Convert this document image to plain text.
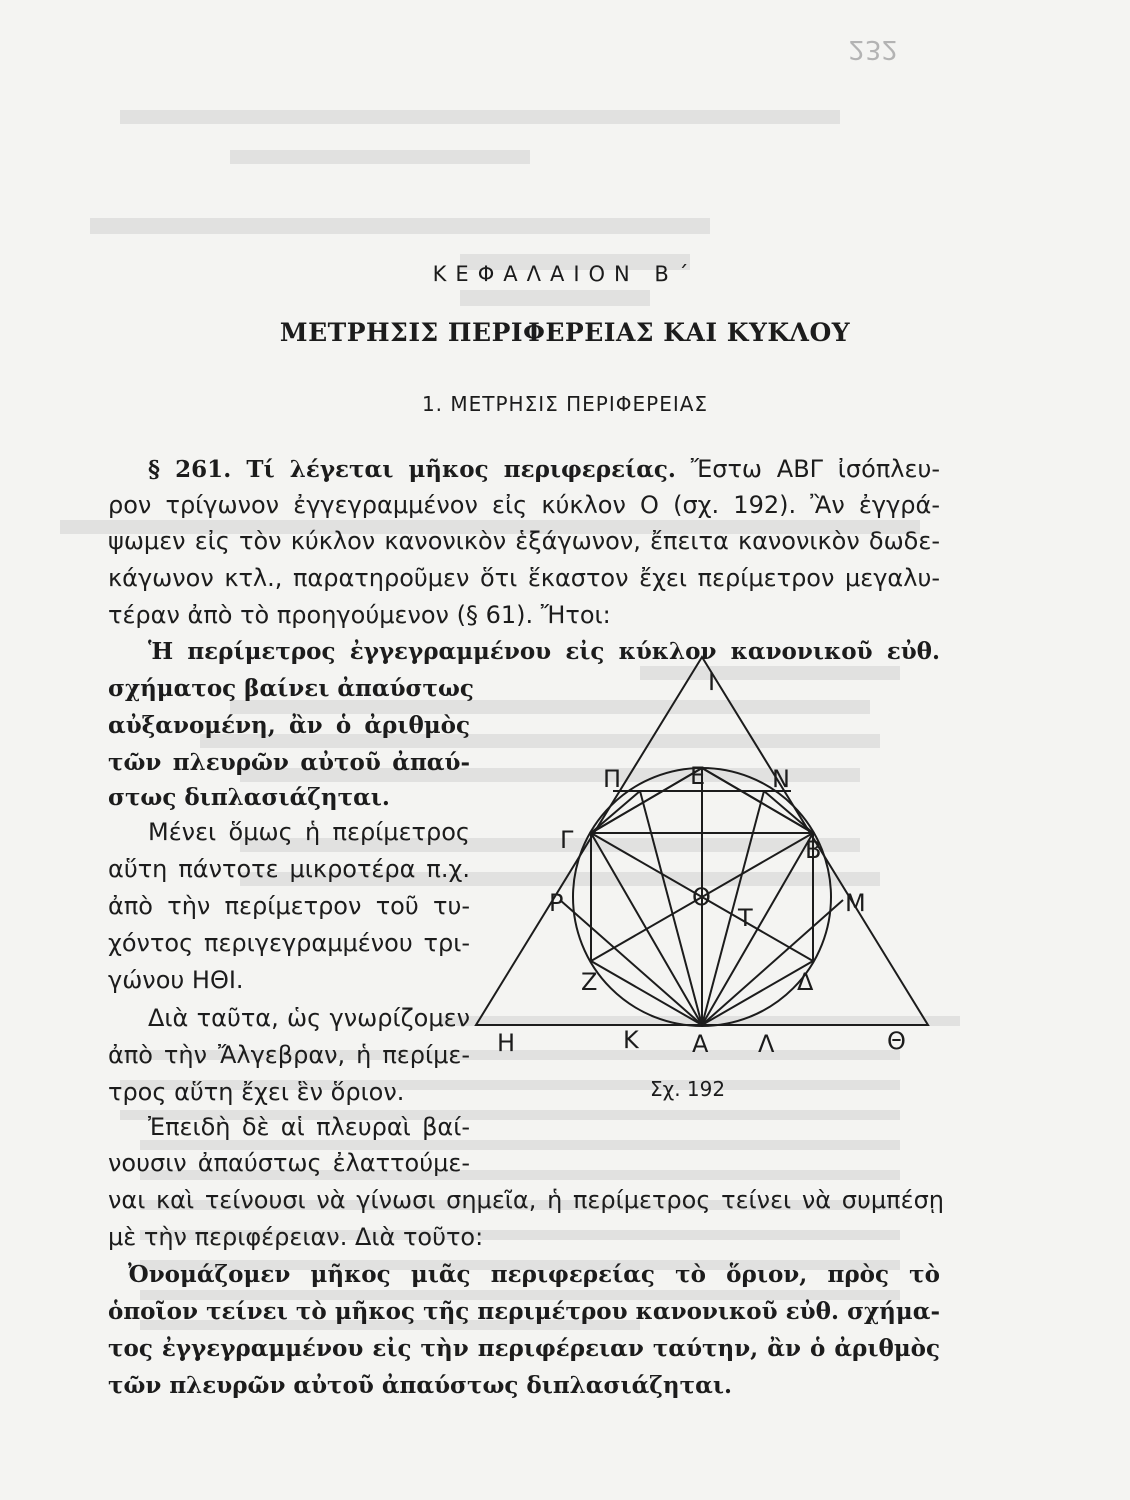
232
ΚΕΦΑΛΑΙΟΝ Β΄
ΜΕΤΡΗΣΙΣ ΠΕΡΙΦΕΡΕΙΑΣ ΚΑΙ ΚΥΚΛΟΥ
1. ΜΕΤΡΗΣΙΣ ΠΕΡΙΦΕΡΕΙΑΣ
§ 261. Τί λέγεται μῆκος περιφερείας. Ἔστω ΑΒΓ ἰσόπλευ-
ρον τρίγωνον ἐγγεγραμμένον εἰς κύκλον Ο (σχ. 192). Ἂν ἐγγρά-
ψωμεν εἰς τὸν κύκλον κανονικὸν ἑξάγωνον, ἔπειτα κανονικὸν δωδε-
κάγωνον κτλ., παρατηροῦμεν ὅτι ἕκαστον ἔχει περίμετρον μεγαλυ-
τέραν ἀπὸ τὸ προηγούμενον (§ 61). Ἤτοι:
Ἡ περίμετρος ἐγγεγραμμένου εἰς κύκλον κανονικοῦ εὐθ.
σχήματος βαίνει ἀπαύστως
αὐξανομένη, ἂν ὁ ἀριθμὸς
τῶν πλευρῶν αὐτοῦ ἀπαύ-
στως διπλασιάζηται.
Μένει ὅμως ἡ περίμετρος
αὕτη πάντοτε μικροτέρα π.χ.
ἀπὸ τὴν περίμετρον τοῦ τυ-
χόντος περιγεγραμμένου τρι-
γώνου ΗΘΙ.
Διὰ ταῦτα, ὡς γνωρίζομεν
ἀπὸ τὴν Ἄλγεβραν, ἡ περίμε-
τρος αὕτη ἔχει ἓν ὅριον.
Ἐπειδὴ δὲ αἱ πλευραὶ βαί-
νουσιν ἀπαύστως ἐλαττούμε-
ναι καὶ τείνουσι νὰ γίνωσι σημεῖα, ἡ περίμετρος τείνει νὰ συμπέσῃ
μὲ τὴν περιφέρειαν. Διὰ τοῦτο:
Ὀνομάζομεν μῆκος μιᾶς περιφερείας τὸ ὅριον, πρὸς τὸ
ὁποῖον τείνει τὸ μῆκος τῆς περιμέτρου κανονικοῦ εὐθ. σχήμα-
τος ἐγγεγραμμένου εἰς τὴν περιφέρειαν ταύτην, ἂν ὁ ἀριθμὸς
τῶν πλευρῶν αὐτοῦ ἀπαύστως διπλασιάζηται.
Ι
Π	Ε	Ν
Γ	Β
Ο
Ρ	Μ
Τ
Ζ	Δ
Η	Κ Α Λ	Θ
Σχ. 192
